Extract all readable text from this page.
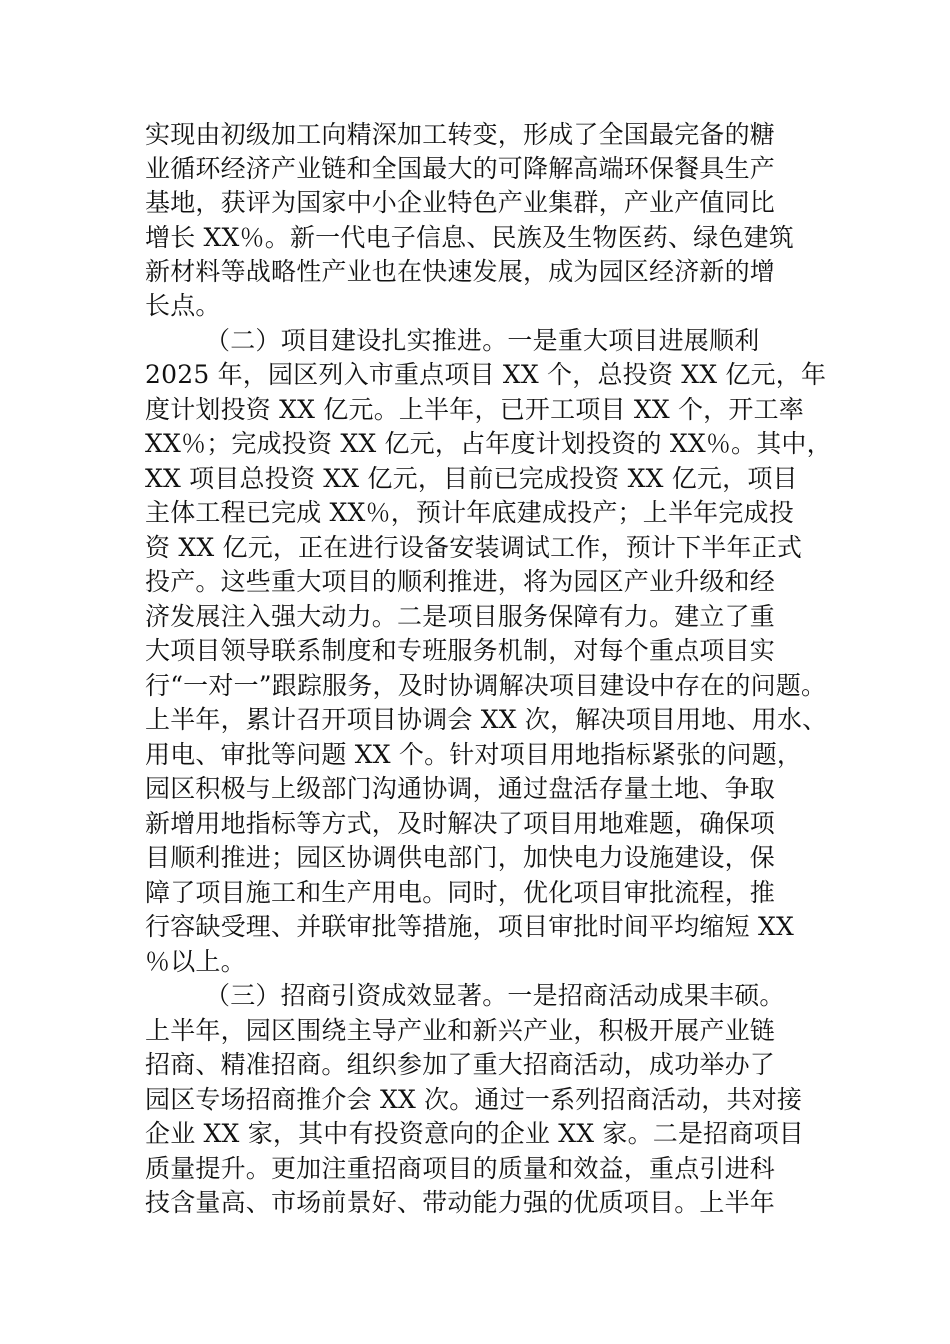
实现由初级加工向精深加工转变，形成了全国最完备的糖
业循环经济产业链和全国最大的可降解高端环保餐具生产
基地，获评为国家中小企业特色产业集群，产业产值同比
增长 XX％。新一代电子信息、民族及生物医药、绿色建筑
新材料等战略性产业也在快速发展，成为园区经济新的增
长点。
（二）项目建设扎实推进。一是重大项目进展顺利
2025 年，园区列入市重点项目 XX 个，总投资 XX 亿元，年
度计划投资 XX 亿元。上半年，已开工项目 XX 个，开工率
XX％；完成投资 XX 亿元，占年度计划投资的 XX％。其中，
XX 项目总投资 XX 亿元，目前已完成投资 XX 亿元，项目
主体工程已完成 XX％，预计年底建成投产；上半年完成投
资 XX 亿元，正在进行设备安装调试工作，预计下半年正式
投产。这些重大项目的顺利推进，将为园区产业升级和经
济发展注入强大动力。二是项目服务保障有力。建立了重
大项目领导联系制度和专班服务机制，对每个重点项目实
行“一对一”跟踪服务，及时协调解决项目建设中存在的问题。
上半年，累计召开项目协调会 XX 次，解决项目用地、用水、
用电、审批等问题 XX 个。针对项目用地指标紧张的问题，
园区积极与上级部门沟通协调，通过盘活存量土地、争取
新增用地指标等方式，及时解决了项目用地难题，确保项
目顺利推进；园区协调供电部门，加快电力设施建设，保
障了项目施工和生产用电。同时，优化项目审批流程，推
行容缺受理、并联审批等措施，项目审批时间平均缩短 XX
％以上。
（三）招商引资成效显著。一是招商活动成果丰硕。
上半年，园区围绕主导产业和新兴产业，积极开展产业链
招商、精准招商。组织参加了重大招商活动，成功举办了
园区专场招商推介会 XX 次。通过一系列招商活动，共对接
企业 XX 家，其中有投资意向的企业 XX 家。二是招商项目
质量提升。更加注重招商项目的质量和效益，重点引进科
技含量高、市场前景好、带动能力强的优质项目。上半年
